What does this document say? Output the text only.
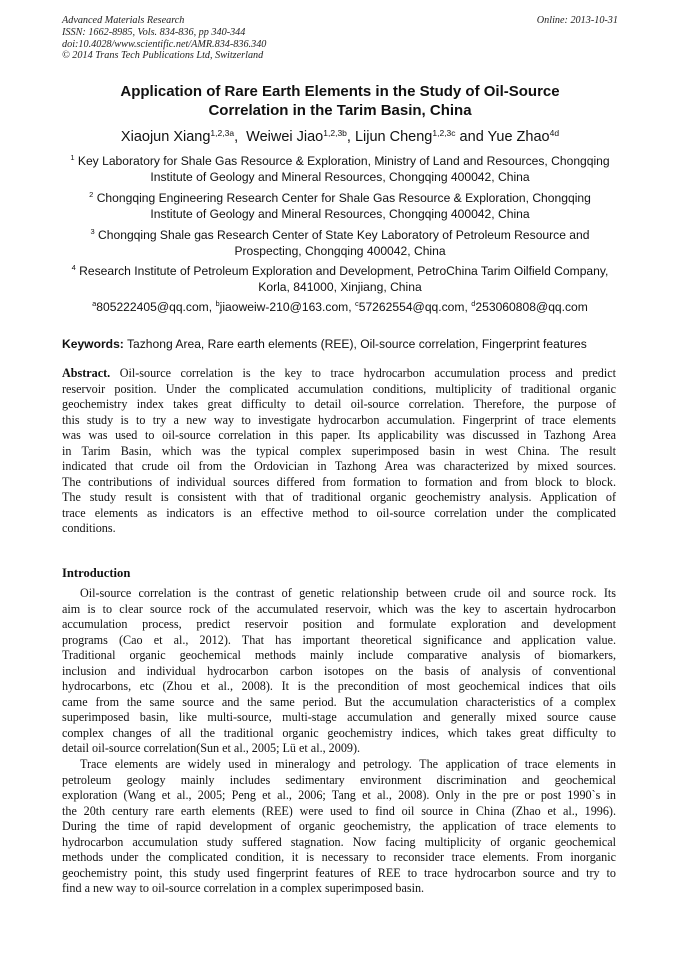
Advanced Materials Research
ISSN: 1662-8985, Vols. 834-836, pp 340-344
doi:10.4028/www.scientific.net/AMR.834-836.340
© 2014 Trans Tech Publications Ltd, Switzerland
Online: 2013-10-31
Application of Rare Earth Elements in the Study of Oil-Source
Correlation in the Tarim Basin, China
Xiaojun Xiang$^{1,2,3a}$,  Weiwei Jiao$^{1,2,3b}$, Lijun Cheng$^{1,2,3c}$ and Yue Zhao$^{4d}$
$^1$ Key Laboratory for Shale Gas Resource & Exploration, Ministry of Land and Resources, Chongqing
Institute of Geology and Mineral Resources, Chongqing 400042, China
$^2$ Chongqing Engineering Research Center for Shale Gas Resource & Exploration, Chongqing
Institute of Geology and Mineral Resources, Chongqing 400042, China
$^3$ Chongqing Shale gas Research Center of State Key Laboratory of Petroleum Resource and
Prospecting, Chongqing 400042, China
$^4$ Research Institute of Petroleum Exploration and Development, PetroChina Tarim Oilfield Company,
Korla, 841000, Xinjiang, China
$^a$805222405@qq.com, $^b$jiaoweiw-210@163.com, $^c$57262554@qq.com, $^d$253060808@qq.com
Keywords: Tazhong Area, Rare earth elements (REE), Oil-source correlation, Fingerprint features
Abstract. Oil-source correlation is the key to trace hydrocarbon accumulation process and predict
reservoir position. Under the complicated accumulation conditions, multiplicity of traditional organic
geochemistry index takes great difficulty to detail oil-source correlation. Therefore, the purpose of
this study is to try a new way to investigate hydrocarbon accumulation. Fingerprint of trace elements
was was used to oil-source correlation in this paper. Its applicability was discussed in Tazhong Area
in Tarim Basin, which was the typical complex superimposed basin in west China. The result
indicated that crude oil from the Ordovician in Tazhong Area was characterized by mixed sources.
The contributions of individual sources differed from formation to formation and from block to block.
The study result is consistent with that of traditional organic geochemistry analysis. Application of
trace elements as indicators is an effective method to oil-source correlation under the complicated
conditions.
Introduction
Oil-source correlation is the contrast of genetic relationship between crude oil and source rock. Its
aim is to clear source rock of the accumulated reservoir, which was the key to ascertain hydrocarbon
accumulation process, predict reservoir position and formulate exploration and development
programs (Cao et al., 2012). That has important theoretical significance and application value.
Traditional organic geochemical methods mainly include comparative analysis of biomarkers,
inclusion and individual hydrocarbon carbon isotopes on the basis of analysis of conventional
hydrocarbons, etc (Zhou et al., 2008). It is the precondition of most geochemical indices that oils
came from the same source and the same period. But the accumulation characteristics of a complex
superimposed basin, like multi-source, multi-stage accumulation and generally mixed source cause
complex changes of all the traditional organic geochemistry indices, which takes great difficulty to
detail oil-source correlation(Sun et al., 2005; Lü et al., 2009).
Trace elements are widely used in mineralogy and petrology. The application of trace elements in
petroleum geology mainly includes sedimentary environment discrimination and geochemical
exploration (Wang et al., 2005; Peng et al., 2006; Tang et al., 2008). Only in the pre or post 1990`s in
the 20th century rare earth elements (REE) were used to find oil source in China (Zhao et al., 1996).
During the time of rapid development of organic geochemistry, the application of trace elements to
hydrocarbon accumulation study suffered stagnation. Now facing multiplicity of organic geochemical
methods under the complicated condition, it is necessary to reconsider trace elements. From inorganic
geochemistry point, this study used fingerprint features of REE to trace hydrocarbon source and try to
find a new way to oil-source correlation in a complex superimposed basin.
